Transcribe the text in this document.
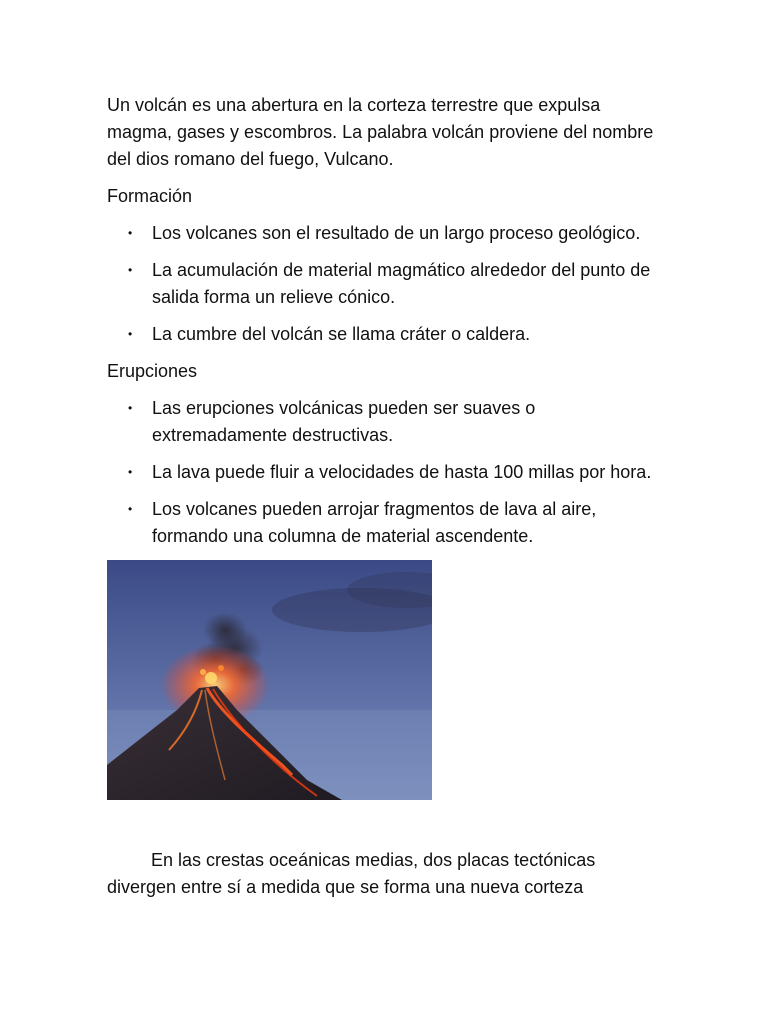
Un volcán es una abertura en la corteza terrestre que expulsa magma, gases y escombros. La palabra volcán proviene del nombre del dios romano del fuego, Vulcano.

Formación
• Los volcanes son el resultado de un largo proceso geológico.
• La acumulación de material magmático alrededor del punto de salida forma un relieve cónico.
• La cumbre del volcán se llama cráter o caldera.
Erupciones
• Las erupciones volcánicas pueden ser suaves o extremadamente destructivas.
• La lava puede fluir a velocidades de hasta 100 millas por hora.
• Los volcanes pueden arrojar fragmentos de lava al aire, formando una columna de material ascendente.

En las crestas oceánicas medias, dos placas tectónicas divergen entre sí a medida que se forma una nueva corteza
